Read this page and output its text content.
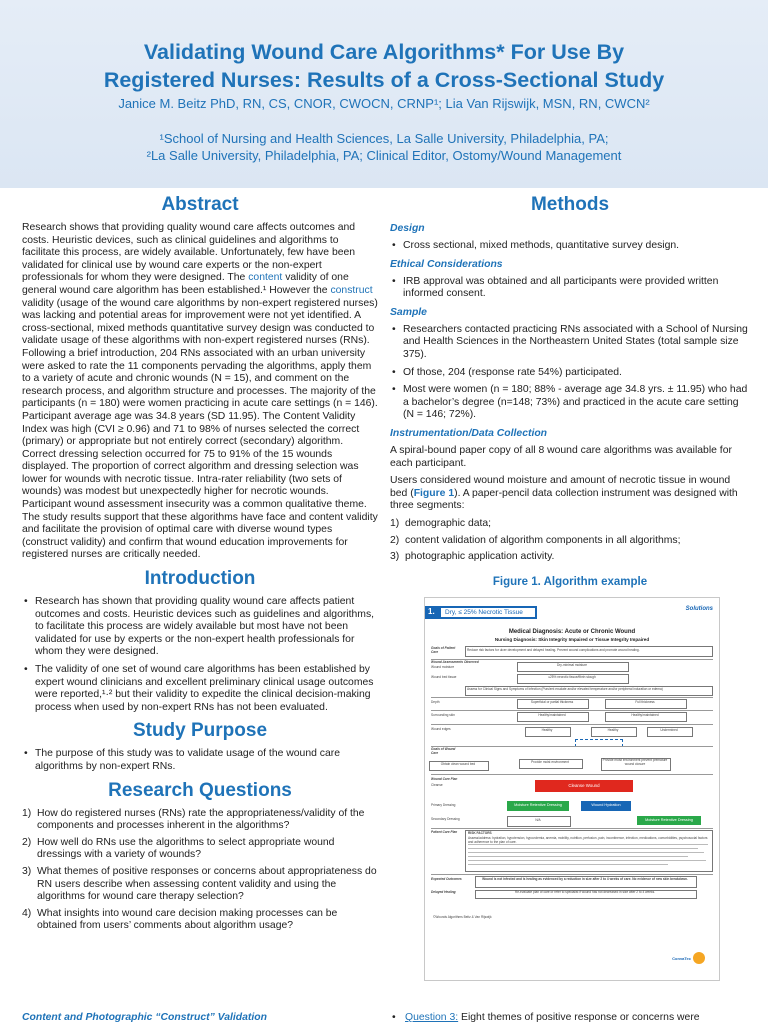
Validating Wound Care Algorithms* For Use By
Registered Nurses: Results of a Cross-Sectional Study
Janice M. Beitz PhD, RN, CS, CNOR, CWOCN, CRNP¹; Lia Van Rijswijk, MSN, RN, CWCN²
¹School of Nursing and Health Sciences, La Salle University, Philadelphia, PA;
²La Salle University, Philadelphia, PA; Clinical Editor, Ostomy/Wound Management
Abstract

Research shows that providing quality wound care affects outcomes and costs. Heuristic devices, such as clinical guidelines and algorithms to facilitate this process, are widely available. Unfortunately, few have been validated for clinical use by wound care experts or the non-expert professionals for whom they were designed. The content validity of one general wound care algorithm has been established.¹ However the construct validity (usage of the wound care algorithms by non-expert registered nurses) was lacking and potential areas for improvement were not yet identified. A cross-sectional, mixed methods quantitative survey design was conducted to validate usage of these algorithms with non-expert registered nurses (RNs). Following a brief introduction, 204 RNs associated with an urban university were asked to rate the 11 components pervading the algorithms, apply them to a variety of acute and chronic wounds (N = 15), and comment on the research process, and algorithm structure and processes. The majority of the participants (n = 180) were women practicing in acute care settings (n = 146). Participant average age was 34.8 years (SD 11.95). The Content Validity Index was high (CVI ≥ 0.96) and 71 to 98% of nurses selected the correct (primary) or appropriate but not entirely correct (secondary) algorithm. Correct dressing selection occurred for 75 to 91% of the 15 wounds displayed. The proportion of correct algorithm and dressing selection was lower for wounds with necrotic tissue. Intra-rater reliability (two sets of wounds) was modest but unexpectedly higher for necrotic wounds. Participant wound assessment insecurity was a common qualitative theme. The study results support that these algorithms have face and content validity and facilitate the provision of optimal care with diverse wound types (construct validity) and confirm that wound education improvements for registered nurses are critically needed.

Introduction
• Research has shown that providing quality wound care affects patient outcomes and costs. Heuristic devices such as guidelines and algorithms, to facilitate this process are widely available but most have not been validated for use by experts or the non-expert health professionals for whom they were designed.
• The validity of one set of wound care algorithms has been established by expert wound clinicians and excellent preliminary clinical usage outcomes were reported,¹·² but their validity to expedite the clinical decision-making process when used by non-expert RNs has not been evaluated.
Study Purpose
• The purpose of this study was to validate usage of the wound care algorithms by non-expert RNs.
Research Questions
1) How do registered nurses (RNs) rate the appropriateness/validity of the components and processes inherent in the algorithms?
2) How well do RNs use the algorithms to select appropriate wound dressings with a variety of wounds?
3) What themes of positive responses or concerns about appropriateness do RN users describe when assessing content validity and using the algorithms for wound care therapy selection?
4) What insights into wound care decision making processes can be obtained from users’ comments about algorithm usage?
Methods

Design

• Cross sectional, mixed methods, quantitative survey design.

Ethical Considerations

• IRB approval was obtained and all participants were provided written informed consent.

Sample

• Researchers contacted practicing RNs associated with a School of Nursing and Health Sciences in the Northeastern United States (total sample size 375).
• Of those, 204 (response rate 54%) participated.
• Most were women (n = 180; 88% - average age 34.8 yrs. ± 11.95) who had a bachelor’s degree (n=148; 73%) and practiced in the acute care setting (N = 146; 72%).

Instrumentation/Data Collection

A spiral-bound paper copy of all 8 wound care algorithms was available for each participant.

Users considered wound moisture and amount of necrotic tissue in wound bed (Figure 1). A paper-pencil data collection instrument was designed with three segments:

1) demographic data;
2) content validation of algorithm components in all algorithms;
3) photographic application activity.

Figure 1. Algorithm example

1. Dry, ≤ 25% Necrotic Tissue	Solutions
Medical Diagnosis: Acute or Chronic Wound
Nursing Diagnosis: Skin Integrity Impaired or Tissue Integrity Impaired
Goals of Patient Care	Reduce risk factors for ulcer development and delayed healing. Prevent wound complications and promote wound healing.
Wound Assessments Observed
Wound moisture	Dry-minimal moisture
Wound bed tissue	≤25% necrotic tissue/fibrin slough
Assess for Clinical Signs and Symptoms of Infection (Purulent exudate and/or elevated temperature and/or peripheral induration or edema)
Depth	Superficial or partial thickness	Full thickness
Surrounding skin	Healthy/maintained	Healthy/maintained
Wound edges	Healthy	Healthy	Undermined
Goals of Wound Care
Obtain clean wound bed	Provide moist environment	Provide moist environment prevent premature wound closure
Wound Care Plan
Cleanse	Cleanse Wound
Primary Dressing	Moisture Retentive Dressing	Wound Hydration
Secondary Dressing	N/A	Moisture Retentive Dressing
Patient Care Plan	RISK FACTORS
Assess/address: hydration, hypotension, hypovolemia, anemia, mobility, nutrition, perfusion, pain, incontinence, infection, medications, comorbidities, psychosocial factors and adherence to the plan of care.
Expected Outcomes	Wound is not infected and is healing as evidenced by a reduction in size after 2 to 4 weeks of care. No evidence of new skin breakdown.
Delayed Healing	Re-evaluate plan of care or refer to specialist if wound has not decreased in size after 2 to 4 weeks.
©Wounds Algorithms Beitz & Van Rijswijk
ConvaTec
Content and Photographic “Construct” Validation	• Question 3: Eight themes of positive response or concerns were
